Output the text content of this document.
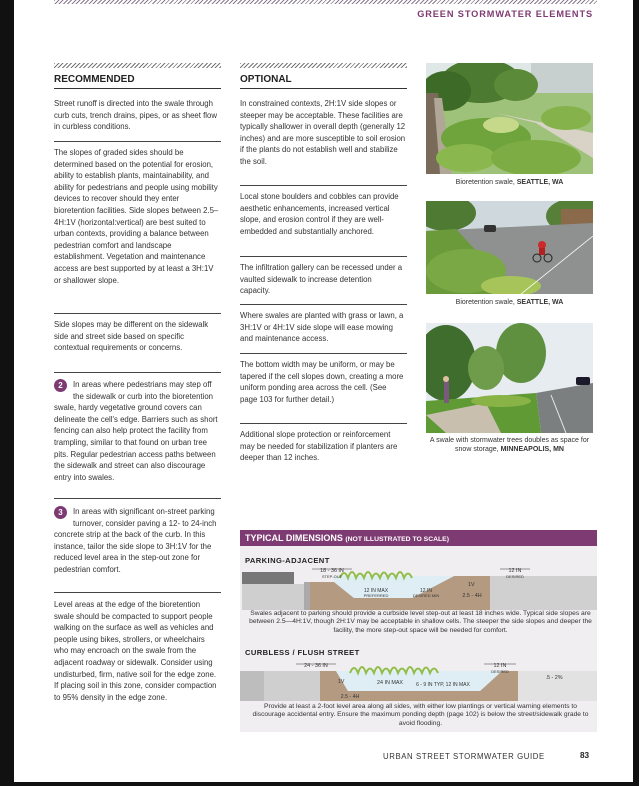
GREEN STORMWATER ELEMENTS
RECOMMENDED	OPTIONAL
Street runoff is directed into the swale through curb cuts, trench drains, pipes, or as sheet flow in curbless conditions.
The slopes of graded sides should be determined based on the potential for erosion, ability to establish plants, maintainability, and ability for pedestrians and people using mobility devices to recover should they enter bioretention facilities. Side slopes between 2.5–4H:1V (horizontal:vertical) are best suited to urban contexts, providing a balance between pedestrian comfort and landscape establishment. Vegetation and maintenance access are best supported by at least a 3H:1V or shallower slope.
Side slopes may be different on the sidewalk side and street side based on specific contextual requirements or concerns.
2	In areas where pedestrians may step off the sidewalk or curb into the bioretention swale, hardy vegetative ground covers can delineate the cell's edge. Barriers such as short fencing can also help protect the facility from trampling, similar to that found on urban tree pits. Regular pedestrian access paths between the sidewalk and street can also discourage entry into swales.
3	In areas with significant on-street parking turnover, consider paving a 12- to 24-inch concrete strip at the back of the curb. In this instance, tailor the side slope to 3H:1V for the reduced level area in the step-out zone for pedestrian comfort.
Level areas at the edge of the bioretention swale should be compacted to support people walking on the surface as well as vehicles and people using bikes, strollers, or wheelchairs who may encroach on the swale from the adjacent roadway or sidewalk. Consider using undisturbed, firm, native soil for the edge zone. If placing soil in this zone, consider compaction to 95% density in the edge zone.
In constrained contexts, 2H:1V side slopes or steeper may be acceptable. These facilities are typically shallower in overall depth (generally 12 inches) and are more susceptible to soil erosion if the plants do not establish well and stabilize the soil.
Local stone boulders and cobbles can provide aesthetic enhancements, increased vertical slope, and erosion control if they are well-embedded and substantially anchored.
The infiltration gallery can be recessed under a vaulted sidewalk to increase detention capacity.
Where swales are planted with grass or lawn, a 3H:1V or 4H:1V side slope will ease mowing and maintenance access.
The bottom width may be uniform, or may be tapered if the cell slopes down, creating a more uniform ponding area across the cell. (See page 103 for further detail.)
Additional slope protection or reinforcement may be needed for stabilization if planters are deeper than 12 inches.
Bioretention swale, SEATTLE, WA
Bioretention swale, SEATTLE, WA
A swale with stormwater trees doubles as space for snow storage, MINNEAPOLIS, MN
TYPICAL DIMENSIONS (NOT ILLUSTRATED TO SCALE)
PARKING-ADJACENT
18 - 36 IN
STEP-OUT
12 IN
DESIRED
12 IN MAX
PREFERRED
12 IN
DESIRED MIN
1V
2.5 - 4H
Swales adjacent to parking should provide a curbside level step-out at least 18 inches wide. Typical side slopes are between 2.5—4H:1V, though 2H:1V may be acceptable in shallow cells. The steeper the side slopes and deeper the facility, the more step-out space will be needed for comfort.
CURBLESS / FLUSH STREET
24 - 36 IN	12 IN
DESIRED
.5 - 2%
1V
2.5 - 4H
24 IN MAX	6 - 9 IN TYP, 12 IN MAX
Provide at least a 2-foot level area along all sides, with either low plantings or vertical warning elements to discourage accidental entry. Ensure the maximum ponding depth (page 102) is below the street/sidewalk grade to avoid flooding.
URBAN STREET STORMWATER GUIDE	83
